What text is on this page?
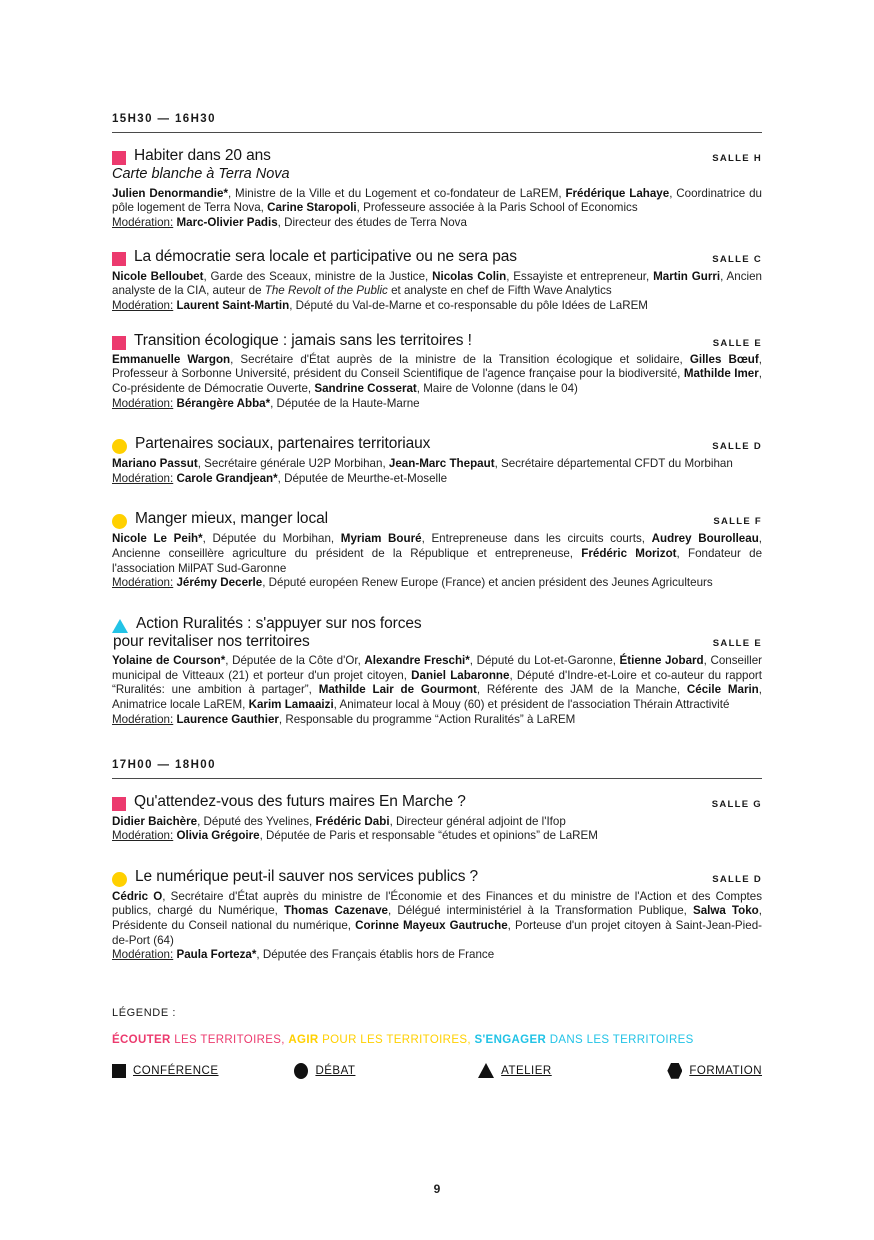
15H30 — 16H30
Habiter dans 20 ans	SALLE H
Carte blanche à Terra Nova
Julien Denormandie*, Ministre de la Ville et du Logement et co-fondateur de LaREM, Frédérique Lahaye, Coordinatrice du pôle logement de Terra Nova, Carine Staropoli, Professeure associée à la Paris School of Economics
Modération: Marc-Olivier Padis, Directeur des études de Terra Nova
La démocratie sera locale et participative ou ne sera pas	SALLE C
Nicole Belloubet, Garde des Sceaux, ministre de la Justice, Nicolas Colin, Essayiste et entrepreneur, Martin Gurri, Ancien analyste de la CIA, auteur de The Revolt of the Public et analyste en chef de Fifth Wave Analytics
Modération: Laurent Saint-Martin, Député du Val-de-Marne et co-responsable du pôle Idées de LaREM
Transition écologique : jamais sans les territoires !	SALLE E
Emmanuelle Wargon, Secrétaire d'État auprès de la ministre de la Transition écologique et solidaire, Gilles Bœuf, Professeur à Sorbonne Université, président du Conseil Scientifique de l'agence française pour la biodiversité, Mathilde Imer, Co-présidente de Démocratie Ouverte, Sandrine Cosserat, Maire de Volonne (dans le 04)
Modération: Bérangère Abba*, Députée de la Haute-Marne
Partenaires sociaux, partenaires territoriaux	SALLE D
Mariano Passut, Secrétaire générale U2P Morbihan, Jean-Marc Thepaut, Secrétaire départemental CFDT du Morbihan
Modération: Carole Grandjean*, Députée de Meurthe-et-Moselle
Manger mieux, manger local	SALLE F
Nicole Le Peih*, Députée du Morbihan, Myriam Bouré, Entrepreneuse dans les circuits courts, Audrey Bourolleau, Ancienne conseillère agriculture du président de la République et entrepreneuse, Frédéric Morizot, Fondateur de l'association MilPAT Sud-Garonne
Modération: Jérémy Decerle, Député européen Renew Europe (France) et ancien président des Jeunes Agriculteurs
Action Ruralités : s'appuyer sur nos forces
pour revitaliser nos territoires	SALLE E
Yolaine de Courson*, Députée de la Côte d'Or, Alexandre Freschi*, Député du Lot-et-Garonne, Étienne Jobard, Conseiller municipal de Vitteaux (21) et porteur d'un projet citoyen, Daniel Labaronne, Député d'Indre-et-Loire et co-auteur du rapport “Ruralités: une ambition à partager”, Mathilde Lair de Gourmont, Référente des JAM de la Manche, Cécile Marin, Animatrice locale LaREM, Karim Lamaaizi, Animateur local à Mouy (60) et président de l'association Thérain Attractivité
Modération: Laurence Gauthier, Responsable du programme “Action Ruralités” à LaREM
17H00 — 18H00
Qu'attendez-vous des futurs maires En Marche ?	SALLE G
Didier Baichère, Député des Yvelines, Frédéric Dabi, Directeur général adjoint de l'Ifop
Modération: Olivia Grégoire, Députée de Paris et responsable “études et opinions” de LaREM
Le numérique peut-il sauver nos services publics ?	SALLE D
Cédric O, Secrétaire d'État auprès du ministre de l'Économie et des Finances et du ministre de l'Action et des Comptes publics, chargé du Numérique, Thomas Cazenave, Délégué interministériel à la Transformation Publique, Salwa Toko, Présidente du Conseil national du numérique, Corinne Mayeux Gautruche, Porteuse d'un projet citoyen à Saint-Jean-Pied-de-Port (64)
Modération: Paula Forteza*, Députée des Français établis hors de France
LÉGENDE :
ÉCOUTER LES TERRITOIRES, AGIR POUR LES TERRITOIRES, S'ENGAGER DANS LES TERRITOIRES
CONFÉRENCE	DÉBAT	ATELIER	FORMATION
9
